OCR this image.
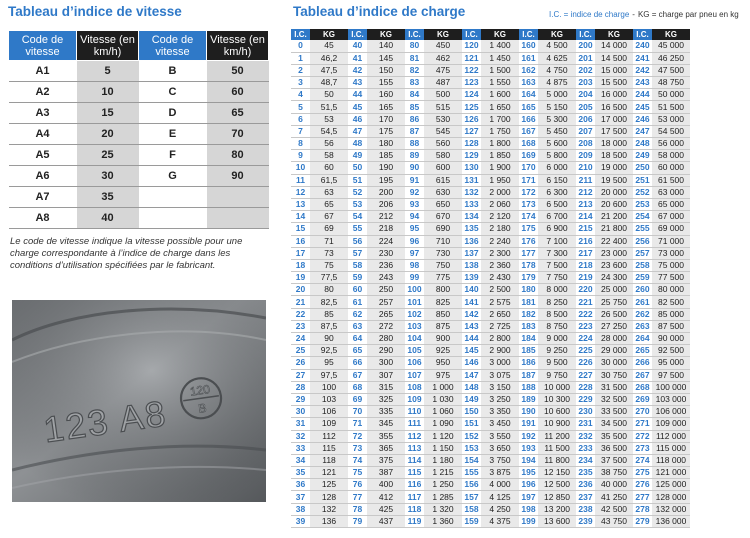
Tableau d’indice de vitesse
Code de vitesse	Vitesse (en km/h)	Code de vitesse	Vitesse (en km/h)
A1	5	B	50
A2	10	C	60
A3	15	D	65
A4	20	E	70
A5	25	F	80
A6	30	G	90
A7	35		
A8	40		
Le code de vitesse indique la vitesse possible pour une charge correspondante à l’indice de charge dans les conditions d’utilisation spécifiées par le fabricant.
123 A8
120
B
Tableau d’indice de charge	I.C. = indice de charge - KG = charge par pneu en kg
I.C.	KG	I.C.	KG	I.C.	KG	I.C.	KG	I.C.	KG	I.C.	KG	I.C.	KG
0	45	40	140	80	450	120	1 400	160	4 500	200	14 000	240	45 000
1	46,2	41	145	81	462	121	1 450	161	4 625	201	14 500	241	46 250
2	47,5	42	150	82	475	122	1 500	162	4 750	202	15 000	242	47 500
3	48,7	43	155	83	487	123	1 550	163	4 875	203	15 500	243	48 750
4	50	44	160	84	500	124	1 600	164	5 000	204	16 000	244	50 000
5	51,5	45	165	85	515	125	1 650	165	5 150	205	16 500	245	51 500
6	53	46	170	86	530	126	1 700	166	5 300	206	17 000	246	53 000
7	54,5	47	175	87	545	127	1 750	167	5 450	207	17 500	247	54 500
8	56	48	180	88	560	128	1 800	168	5 600	208	18 000	248	56 000
9	58	49	185	89	580	129	1 850	169	5 800	209	18 500	249	58 000
10	60	50	190	90	600	130	1 900	170	6 000	210	19 000	250	60 000
11	61,5	51	195	91	615	131	1 950	171	6 150	211	19 500	251	61 500
12	63	52	200	92	630	132	2 000	172	6 300	212	20 000	252	63 000
13	65	53	206	93	650	133	2 060	173	6 500	213	20 600	253	65 000
14	67	54	212	94	670	134	2 120	174	6 700	214	21 200	254	67 000
15	69	55	218	95	690	135	2 180	175	6 900	215	21 800	255	69 000
16	71	56	224	96	710	136	2 240	176	7 100	216	22 400	256	71 000
17	73	57	230	97	730	137	2 300	177	7 300	217	23 000	257	73 000
18	75	58	236	98	750	138	2 360	178	7 500	218	23 600	258	75 000
19	77,5	59	243	99	775	139	2 430	179	7 750	219	24 300	259	77 500
20	80	60	250	100	800	140	2 500	180	8 000	220	25 000	260	80 000
21	82,5	61	257	101	825	141	2 575	181	8 250	221	25 750	261	82 500
22	85	62	265	102	850	142	2 650	182	8 500	222	26 500	262	85 000
23	87,5	63	272	103	875	143	2 725	183	8 750	223	27 250	263	87 500
24	90	64	280	104	900	144	2 800	184	9 000	224	28 000	264	90 000
25	92,5	65	290	105	925	145	2 900	185	9 250	225	29 000	265	92 500
26	95	66	300	106	950	146	3 000	186	9 500	226	30 000	266	95 000
27	97,5	67	307	107	975	147	3 075	187	9 750	227	30 750	267	97 500
28	100	68	315	108	1 000	148	3 150	188	10 000	228	31 500	268	100 000
29	103	69	325	109	1 030	149	3 250	189	10 300	229	32 500	269	103 000
30	106	70	335	110	1 060	150	3 350	190	10 600	230	33 500	270	106 000
31	109	71	345	111	1 090	151	3 450	191	10 900	231	34 500	271	109 000
32	112	72	355	112	1 120	152	3 550	192	11 200	232	35 500	272	112 000
33	115	73	365	113	1 150	153	3 650	193	11 500	233	36 500	273	115 000
34	118	74	375	114	1 180	154	3 750	194	11 800	234	37 500	274	118 000
35	121	75	387	115	1 215	155	3 875	195	12 150	235	38 750	275	121 000
36	125	76	400	116	1 250	156	4 000	196	12 500	236	40 000	276	125 000
37	128	77	412	117	1 285	157	4 125	197	12 850	237	41 250	277	128 000
38	132	78	425	118	1 320	158	4 250	198	13 200	238	42 500	278	132 000
39	136	79	437	119	1 360	159	4 375	199	13 600	239	43 750	279	136 000
